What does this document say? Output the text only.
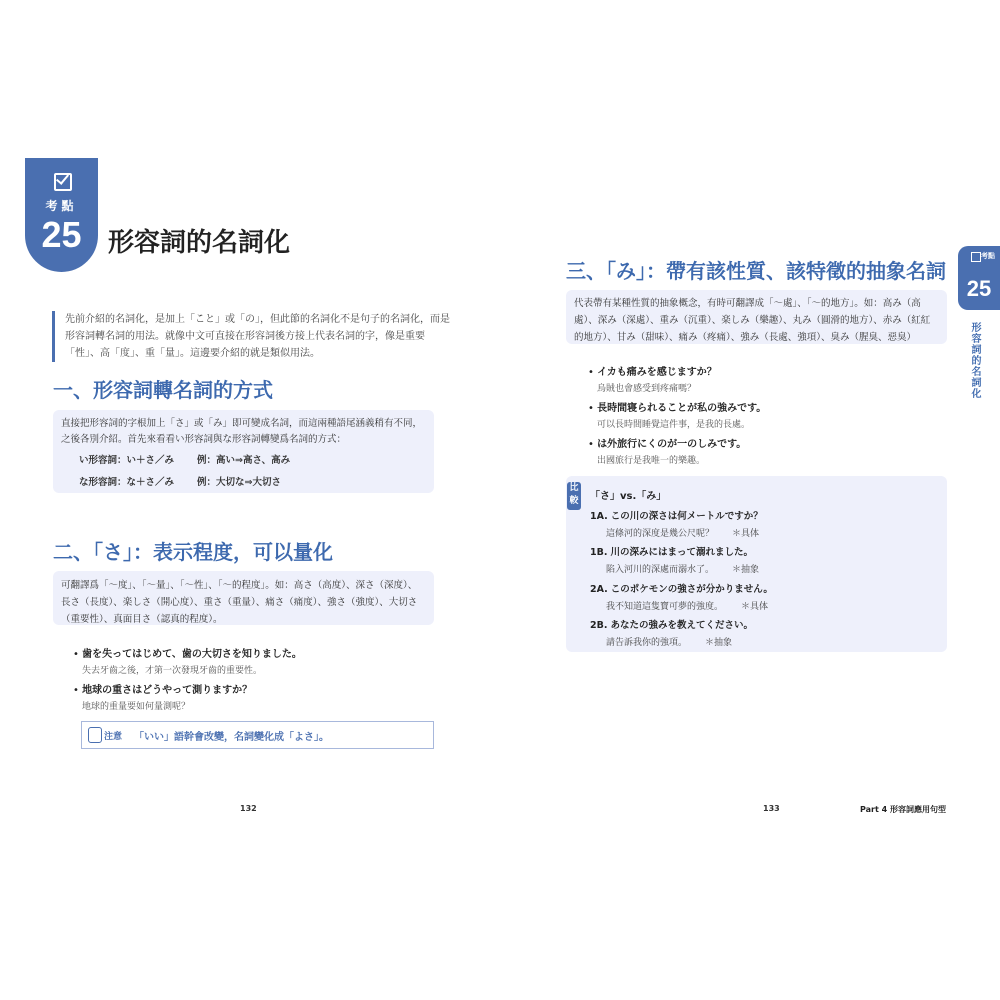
考點
25	形容詞的名詞化
先前介紹的名詞化，是加上「こと」或「の」，但此節的名詞化不是句子的名詞化，而是形容詞轉名詞的用法。就像中文可直接在形容詞後方接上代表名詞的字，像是重要「性」、高「度」、重「量」。這邊要介紹的就是類似用法。
一、形容詞轉名詞的方式

直接把形容詞的字根加上「さ」或「み」即可變成名詞，而這兩種語尾涵義稍有不同，之後各別介紹。首先來看看い形容詞與な形容詞轉變爲名詞的方式：

い形容詞：い＋さ／み 例：高い⇒高さ、高み
な形容詞：な＋さ／み 例：大切な⇒大切さ
二、「さ」：表示程度，可以量化
可翻譯爲「～度」、「～量」、「～性」、「～的程度」。如：高さ（高度）、深さ（深度）、長さ（長度）、楽しさ（開心度）、重さ（重量）、痛さ（痛度）、強さ（強度）、大切さ（重要性）、真面目さ（認真的程度）。
• 歯を失ってはじめて、歯の大切さを知りました。
失去牙齒之後，才第一次發現牙齒的重要性。
• 地球の重さはどうやって測りますか？
地球的重量要如何量測呢？
注意 「いい」語幹會改變，名詞變化成「よさ」。
132
三、「み」：帶有該性質、該特徵的抽象名詞
代表帶有某種性質的抽象概念，有時可翻譯成「～處」、「～的地方」。如：高み（高處）、深み（深處）、重み（沉重）、楽しみ（樂趣）、丸み（圓滑的地方）、赤み（紅紅的地方）、甘み（甜味）、痛み（疼痛）、強み（長處、強項）、臭み（腥臭、惡臭）
• イカも痛みを感じますか？
烏賊也會感受到疼痛嗎？
• 長時間寝られることが私の強みです。
可以長時間睡覺這件事，是我的長處。
• は外旅行にくのが一のしみです。
出國旅行是我唯一的樂趣。
比較 「さ」vs.「み」
1A. この川の深さは何メートルですか？
這條河的深度是幾公尺呢？ ＊具体
1B. 川の深みにはまって溺れました。
陷入河川的深處而溺水了。 ＊抽象
2A. このポケモンの強さが分かりません。
我不知道這隻寶可夢的強度。 ＊具体
2B. あなたの強みを教えてください。
請告訴我你的強項。 ＊抽象
考點
25
形容詞的名詞化
133	Part 4 形容詞應用句型
